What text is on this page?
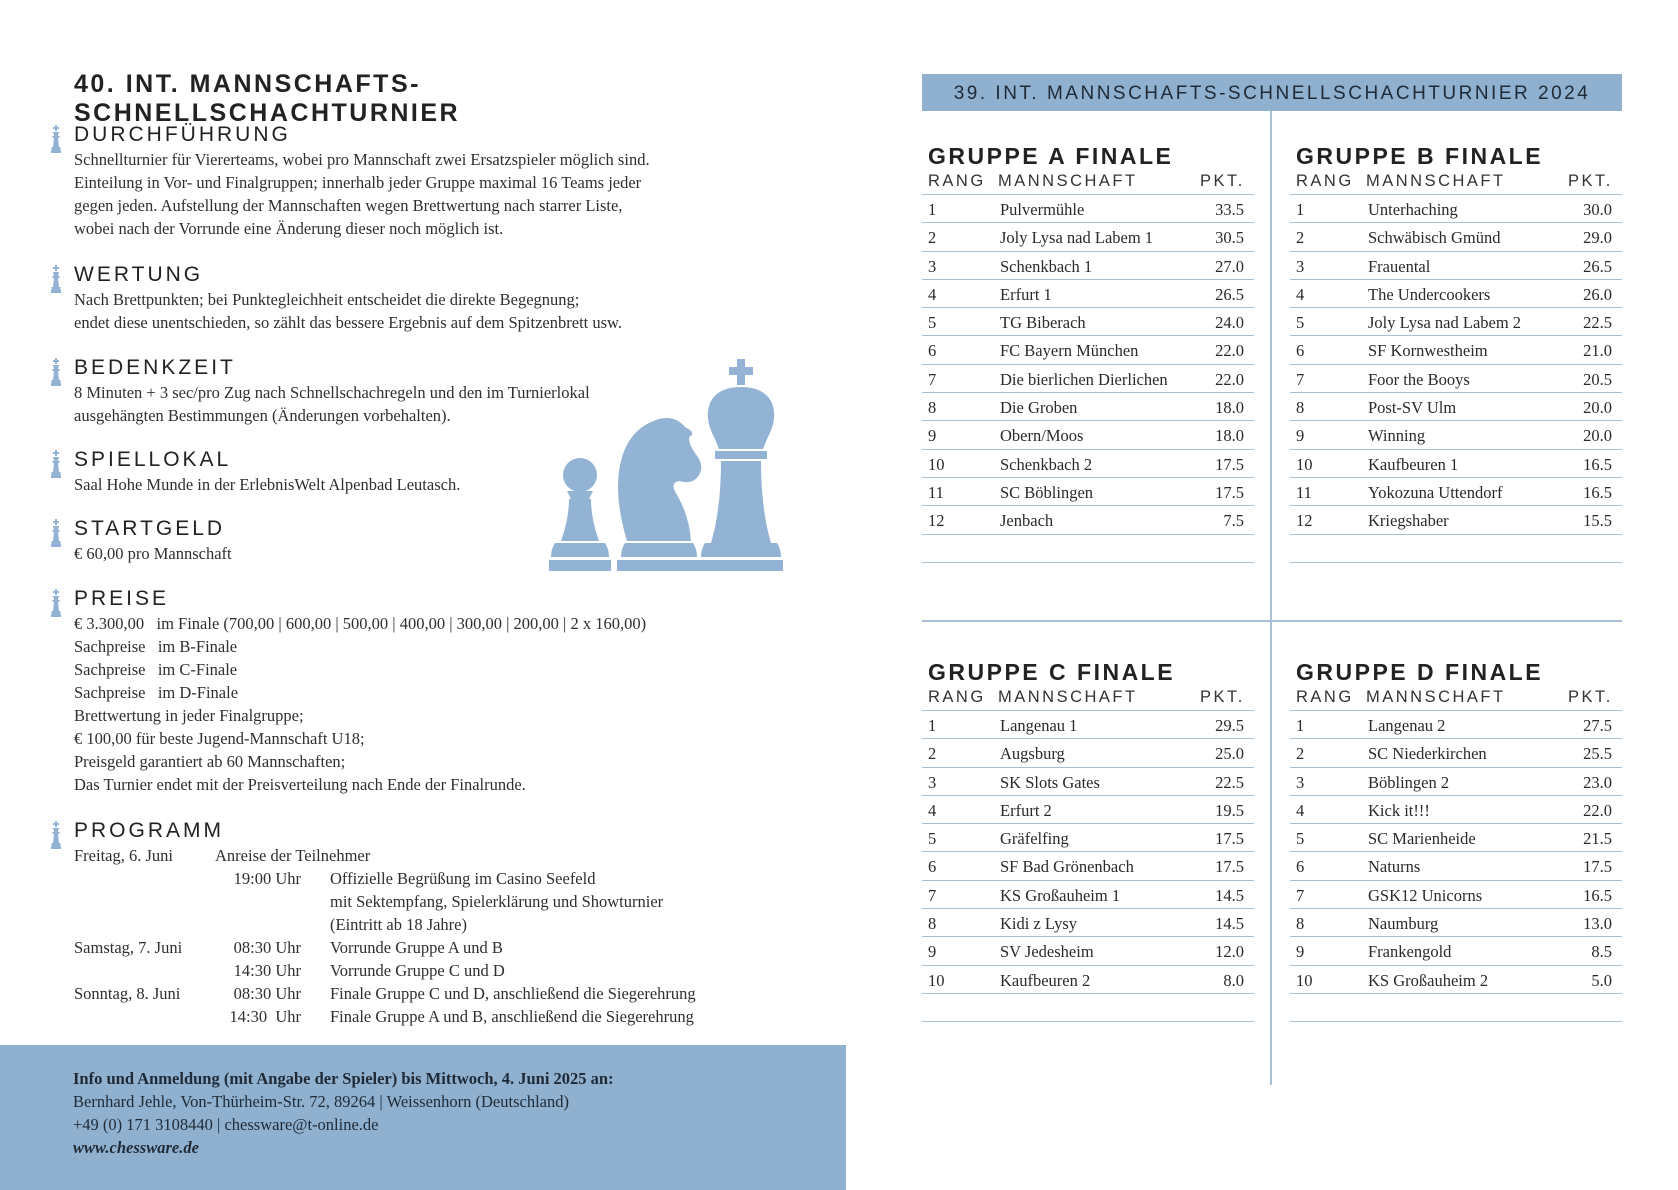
40. INT. MANNSCHAFTS-SCHNELLSCHACHTURNIER
DURCHFÜHRUNG
Schnellturnier für Viererteams, wobei pro Mannschaft zwei Ersatzspieler möglich sind.
Einteilung in Vor- und Finalgruppen; innerhalb jeder Gruppe maximal 16 Teams jeder
gegen jeden. Aufstellung der Mannschaften wegen Brettwertung nach starrer Liste,
wobei nach der Vorrunde eine Änderung dieser noch möglich ist.
WERTUNG
Nach Brettpunkten; bei Punktegleichheit entscheidet die direkte Begegnung;
endet diese unentschieden, so zählt das bessere Ergebnis auf dem Spitzenbrett usw.
BEDENKZEIT
8 Minuten + 3 sec/pro Zug nach Schnellschachregeln und den im Turnierlokal
ausgehängten Bestimmungen (Änderungen vorbehalten).
SPIELLOKAL
Saal Hohe Munde in der ErlebnisWelt Alpenbad Leutasch.
STARTGELD
€ 60,00 pro Mannschaft
PREISE
€ 3.300,00   im Finale (700,00 | 600,00 | 500,00 | 400,00 | 300,00 | 200,00 | 2 x 160,00)
Sachpreise   im B-Finale
Sachpreise   im C-Finale
Sachpreise   im D-Finale
Brettwertung in jeder Finalgruppe;
€ 100,00 für beste Jugend-Mannschaft U18;
Preisgeld garantiert ab 60 Mannschaften;
Das Turnier endet mit der Preisverteilung nach Ende der Finalrunde.
PROGRAMM
Freitag, 6. Juni	Anreise der Teilnehmer
19:00 Uhr Offizielle Begrüßung im Casino Seefeld
mit Sektempfang, Spielerklärung und Showturnier
(Eintritt ab 18 Jahre)
Samstag, 7. Juni	08:30 Uhr Vorrunde Gruppe A und B
14:30 Uhr Vorrunde Gruppe C und D
Sonntag, 8. Juni	08:30 Uhr Finale Gruppe C und D, anschließend die Siegerehrung
14:30  Uhr Finale Gruppe A und B, anschließend die Siegerehrung
Info und Anmeldung (mit Angabe der Spieler) bis Mittwoch, 4. Juni 2025 an:
Bernhard Jehle, Von-Thürheim-Str. 72, 89264 | Weissenhorn (Deutschland)
+49 (0) 171 3108440 | chessware@t-online.de
www.chessware.de
39. INT. MANNSCHAFTS-SCHNELLSCHACHTURNIER 2024
GRUPPE A FINALE
RANG MANNSCHAFT	PKT.
1	Pulvermühle	33.5
2	Joly Lysa nad Labem 1	30.5
3	Schenkbach 1	27.0
4	Erfurt 1	26.5
5	TG Biberach	24.0
6	FC Bayern München	22.0
7	Die bierlichen Dierlichen	22.0
8	Die Groben	18.0
9	Obern/Moos	18.0
10	Schenkbach 2	17.5
11	SC Böblingen	17.5
12	Jenbach	7.5
GRUPPE B FINALE
RANG MANNSCHAFT	PKT.
1	Unterhaching	30.0
2	Schwäbisch Gmünd	29.0
3	Frauental	26.5
4	The Undercookers	26.0
5	Joly Lysa nad Labem 2	22.5
6	SF Kornwestheim	21.0
7	Foor the Booys	20.5
8	Post-SV Ulm	20.0
9	Winning	20.0
10	Kaufbeuren 1	16.5
11	Yokozuna Uttendorf	16.5
12	Kriegshaber	15.5
GRUPPE C FINALE
RANG MANNSCHAFT	PKT.
1	Langenau 1	29.5
2	Augsburg	25.0
3	SK Slots Gates	22.5
4	Erfurt 2	19.5
5	Gräfelfing	17.5
6	SF Bad Grönenbach	17.5
7	KS Großauheim 1	14.5
8	Kidi z Lysy	14.5
9	SV Jedesheim	12.0
10	Kaufbeuren 2	8.0
GRUPPE D FINALE
RANG MANNSCHAFT	PKT.
1	Langenau 2	27.5
2	SC Niederkirchen	25.5
3	Böblingen 2	23.0
4	Kick it!!!	22.0
5	SC Marienheide	21.5
6	Naturns	17.5
7	GSK12 Unicorns	16.5
8	Naumburg	13.0
9	Frankengold	8.5
10	KS Großauheim 2	5.0
